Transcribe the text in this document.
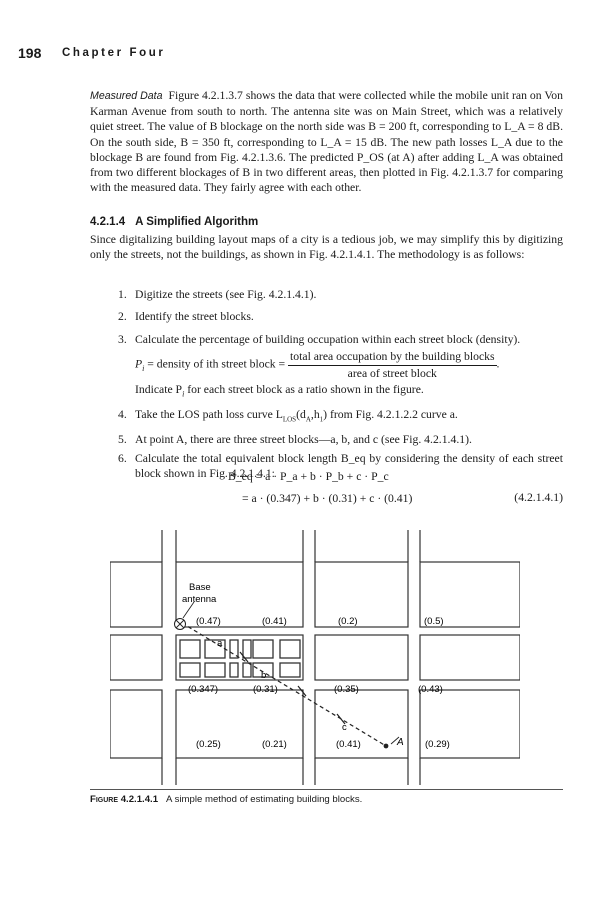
198 Chapter Four
Measured Data Figure 4.2.1.3.7 shows the data that were collected while the mobile unit ran on Von Karman Avenue from south to north. The antenna site was on Main Street, which was a relatively quiet street. The value of B blockage on the north side was B = 200 ft, corresponding to L_A = 8 dB. On the south side, B = 350 ft, corresponding to L_A = 15 dB. The new path losses L_A due to the blockage B are found from Fig. 4.2.1.3.6. The predicted P_OS (at A) after adding L_A was obtained from two different blockages of B in two different areas, then plotted in Fig. 4.2.1.3.7 for comparing with the measured data. They fairly agree with each other.
4.2.1.4 A Simplified Algorithm
Since digitalizing building layout maps of a city is a tedious job, we may simplify this by digitizing only the streets, not the buildings, as shown in Fig. 4.2.1.4.1. The methodology is as follows:

1. Digitize the streets (see Fig. 4.2.1.4.1).

2. Identify the street blocks.

3. Calculate the percentage of building occupation within each street block (density).

$P_i$ = density of ith street block = $\frac{\text{total area occupation by the building blocks}}{\text{area of street block}}$ .

Indicate $P_i$ for each street block as a ratio shown in the figure.

4. Take the LOS path loss curve $L_{LOS}(d_A,h_1)$ from Fig. 4.2.1.2.2 curve a.

5. At point A, there are three street blocks—a, b, and c (see Fig. 4.2.1.4.1).

6. Calculate the total equivalent block length B_eq by considering the density of each street block shown in Fig. 4.2.1.4.1:

B_eq = a · P_a + b · P_b + c · P_c
= a · (0.347) + b · (0.31) + c · (0.41)	(4.2.1.4.1)
Base
antenna
(0.47)	(0.41)	(0.2)	(0.5)
(0.347)	(0.31)	(0.35)	(0.43)
(0.25)	(0.21)	(0.41)	(0.29)
a
b
c
A
Figure 4.2.1.4.1 A simple method of estimating building blocks.
